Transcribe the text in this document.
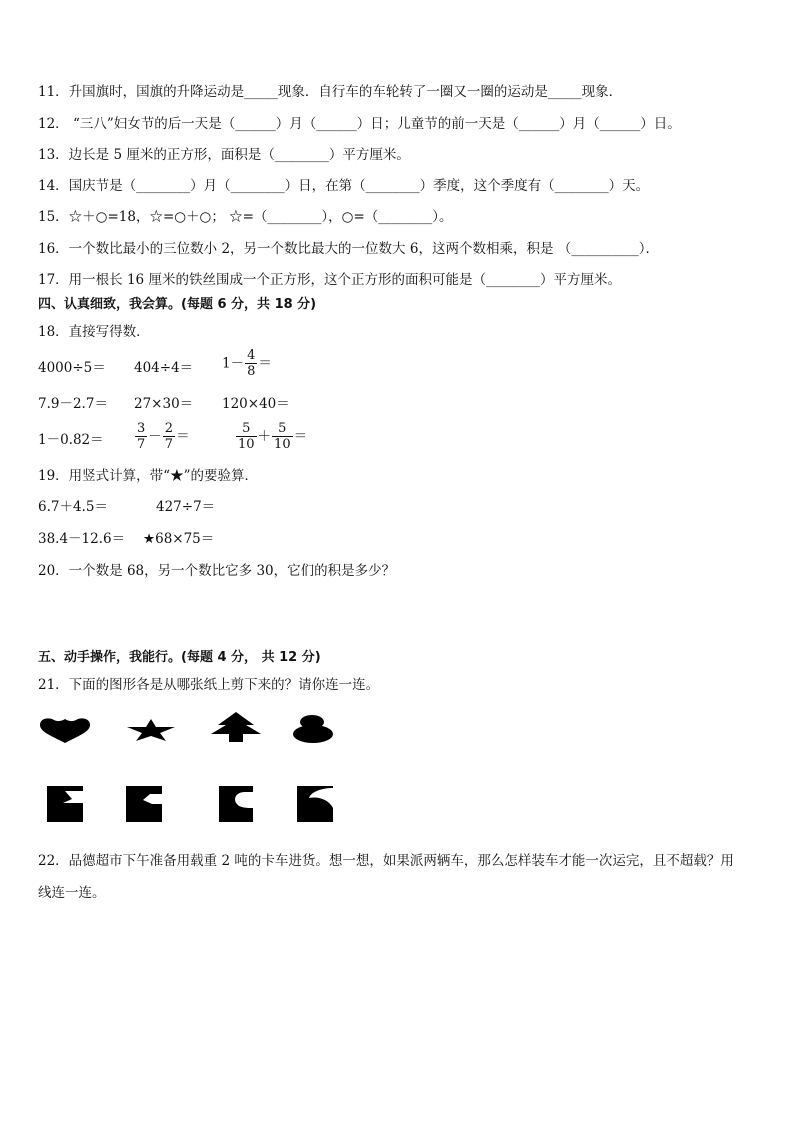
11．升国旗时，国旗的升降运动是_____现象．自行车的车轮转了一圈又一圈的运动是_____现象．
12． “三八”妇女节的后一天是（______）月（______）日；儿童节的前一天是（______）月（______）日。
13．边长是 5 厘米的正方形，面积是（________）平方厘米。
14．国庆节是（________）月（________）日，在第（________）季度，这个季度有（________）天。
15．☆＋○=18，☆=○＋○； ☆=（________），○=（________）。
16．一个数比最小的三位数小 2，另一个数比最大的一位数大 6，这两个数相乘，积是 （__________）．
17．用一根长 16 厘米的铁丝围成一个正方形，这个正方形的面积可能是（________）平方厘米。
四、认真细致，我会算。(每题 6 分，共 18 分)
18．直接写得数．
$4000\div 5= 404\div 4= 1- \frac{4}{8}$ ＝
7.9－2.7＝ 27×30＝ 120×40＝
$1-0.82= \frac{3}{7} - \frac{2}{7}$ ＝	$\frac{5}{10} + \frac{5}{10}$ ＝
19．用竖式计算，带“★”的要验算．
6.7＋4.5＝	427÷7＝
38.4－12.6＝ ★68×75＝
20．一个数是 68，另一个数比它多 30，它们的积是多少？
五、动手操作，我能行。(每题 4 分， 共 12 分)
21．下面的图形各是从哪张纸上剪下来的？请你连一连。
22．品德超市下午准备用载重 2 吨的卡车进货。想一想，如果派两辆车，那么怎样装车才能一次运完，且不超载？用
线连一连。
